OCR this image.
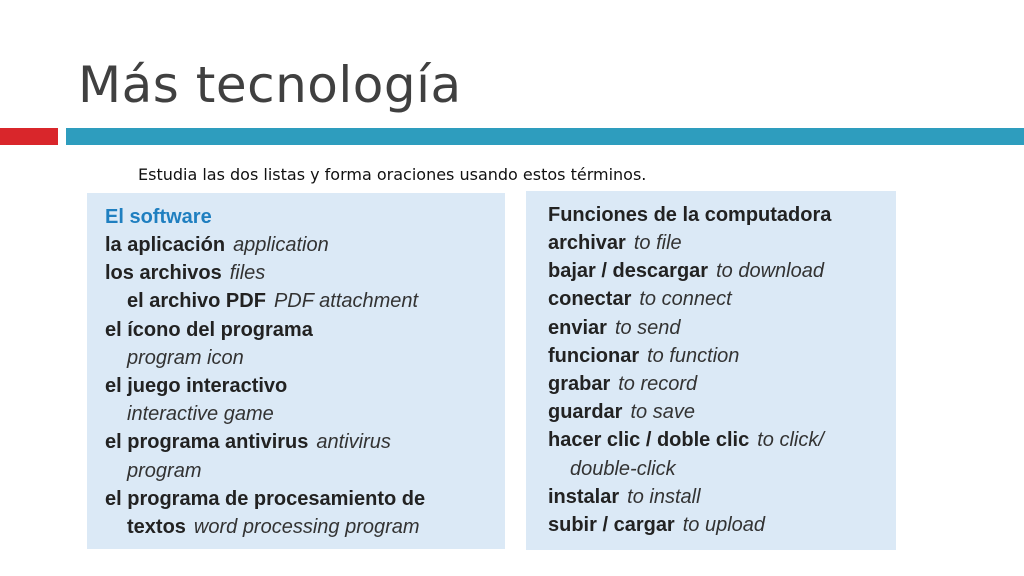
Más tecnología
Estudia las dos listas y forma oraciones usando estos términos.
El software
la aplicación application
los archivos files
el archivo PDF PDF attachment
el ícono del programa
program icon
el juego interactivo
interactive game
el programa antivirus antivirus
program
el programa de procesamiento de
textos word processing program
Funciones de la computadora
archivar to file
bajar / descargar to download
conectar to connect
enviar to send
funcionar to function
grabar to record
guardar to save
hacer clic / doble clic to click/
double-click
instalar to install
subir / cargar to upload
